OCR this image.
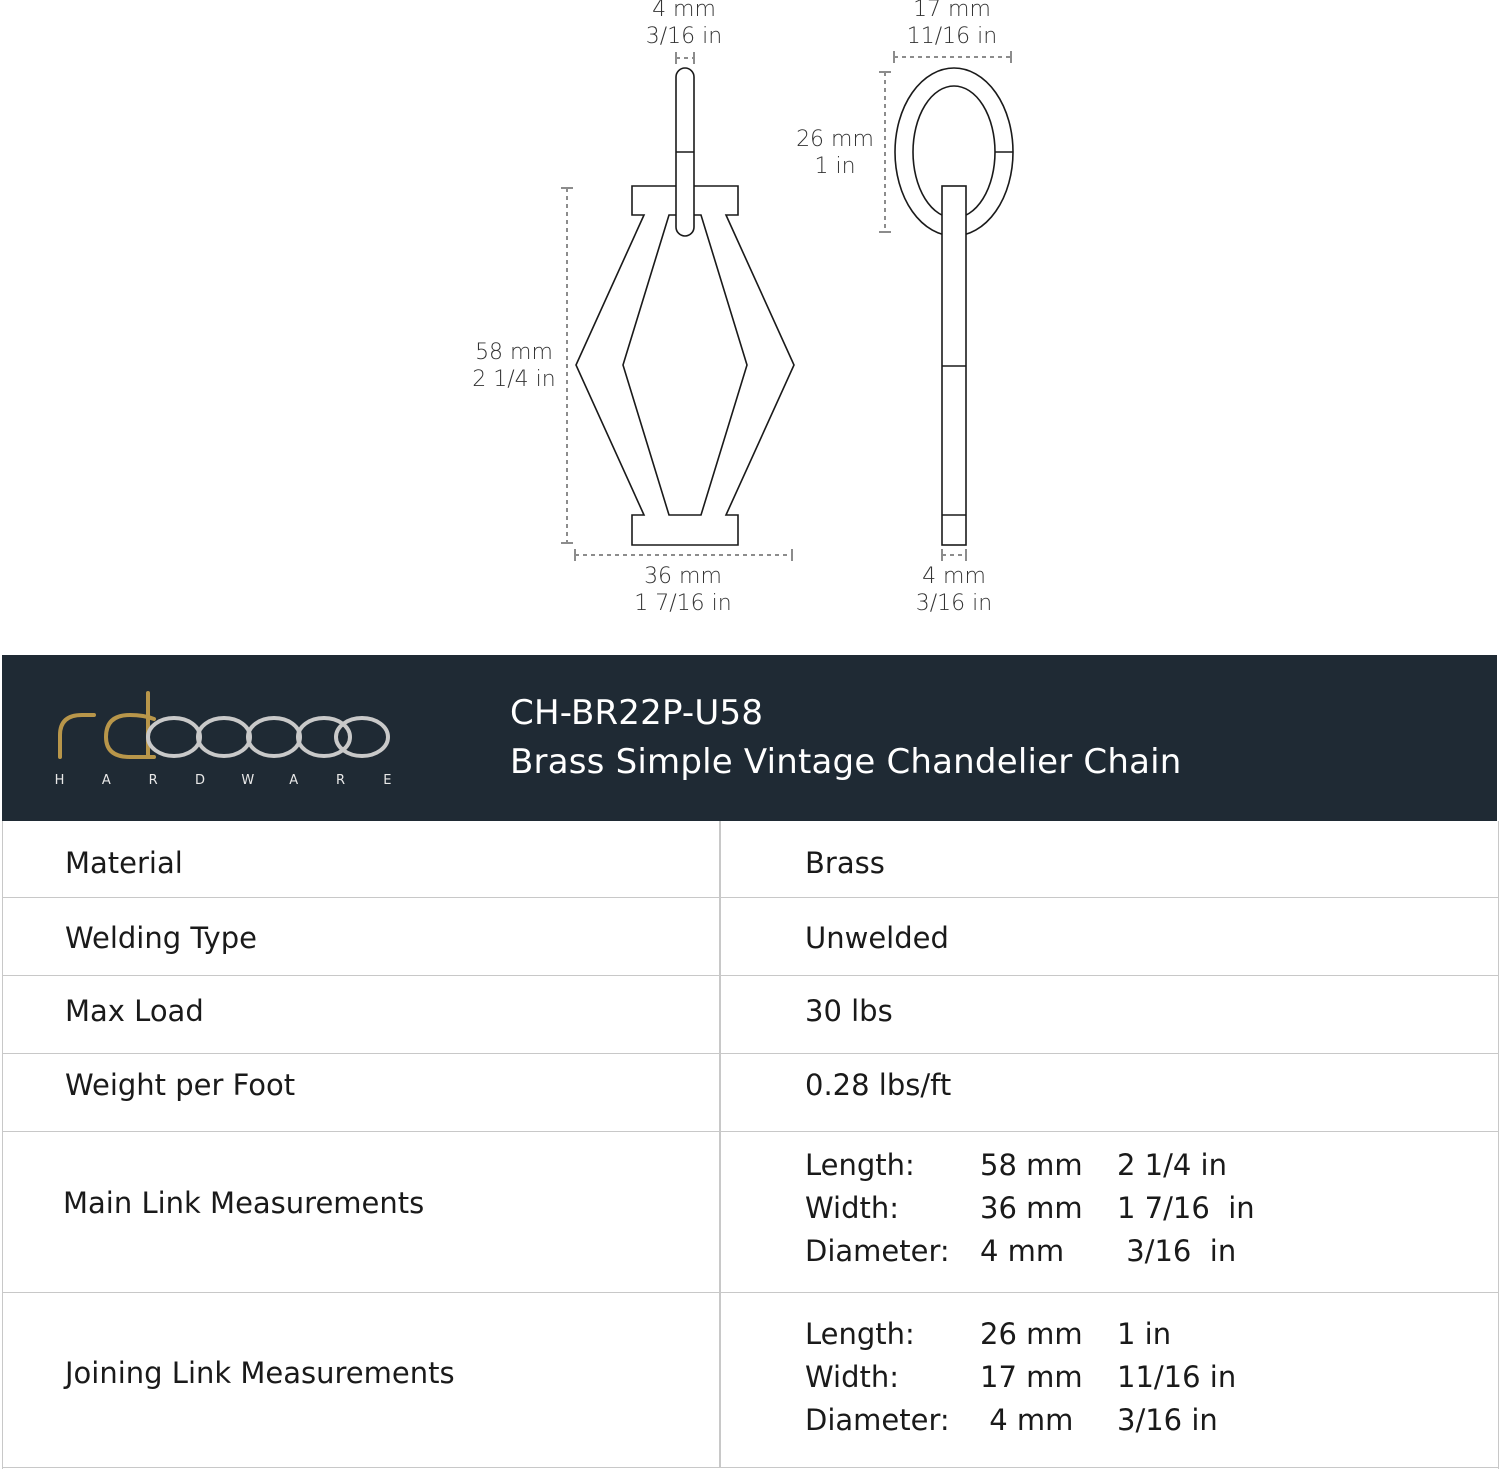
4 mm
3/16 in
17 mm
11/16 in
26 mm
1 in
58 mm
2 1/4 in
36 mm
1 7/16 in
4 mm
3/16 in
H	A	R	D	W	A	R	E
CH-BR22P-U58
Brass Simple Vintage Chandelier Chain
Material	Brass
Welding Type	Unwelded
Max Load	30 lbs
Weight per Foot	0.28 lbs/ft
Main Link Measurements
Length: 58 mm 2 1/4 in
Width:	36 mm 1 7/16  in
Diameter: 4 mm 3/16  in
Joining Link Measurements
Length: 26 mm 1 in
Width:	17 mm 11/16 in
Diameter: 4 mm 3/16 in
